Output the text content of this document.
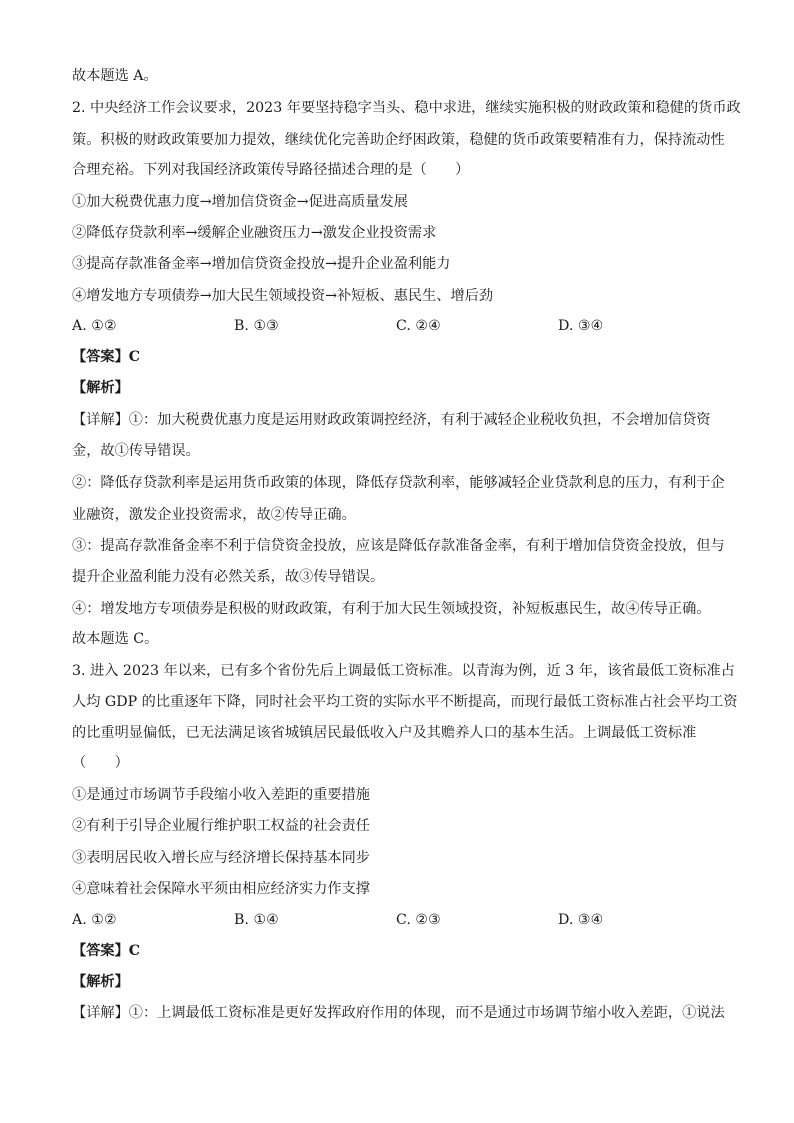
故本题选 A。
2. 中央经济工作会议要求，2023 年要坚持稳字当头、稳中求进，继续实施积极的财政政策和稳健的货币政
策。积极的财政政策要加力提效，继续优化完善助企纾困政策，稳健的货币政策要精准有力，保持流动性
合理充裕。下列对我国经济政策传导路径描述合理的是（　　）
①加大税费优惠力度→增加信贷资金→促进高质量发展
②降低存贷款利率→缓解企业融资压力→激发企业投资需求
③提高存款准备金率→增加信贷资金投放→提升企业盈利能力
④增发地方专项债券→加大民生领域投资→补短板、惠民生、增后劲
A. ①②	B. ①③	C. ②④	D. ③④
【答案】C
【解析】
【详解】①：加大税费优惠力度是运用财政政策调控经济，有利于减轻企业税收负担，不会增加信贷资
金，故①传导错误。
②：降低存贷款利率是运用货币政策的体现，降低存贷款利率，能够减轻企业贷款利息的压力，有利于企
业融资，激发企业投资需求，故②传导正确。
③：提高存款准备金率不利于信贷资金投放，应该是降低存款准备金率，有利于增加信贷资金投放，但与
提升企业盈利能力没有必然关系，故③传导错误。
④：增发地方专项债券是积极的财政政策，有利于加大民生领域投资，补短板惠民生，故④传导正确。
故本题选 C。
3. 进入 2023 年以来，已有多个省份先后上调最低工资标准。以青海为例，近 3 年，该省最低工资标准占
人均 GDP 的比重逐年下降，同时社会平均工资的实际水平不断提高，而现行最低工资标准占社会平均工资
的比重明显偏低，已无法满足该省城镇居民最低收入户及其赡养人口的基本生活。上调最低工资标准
（　　）
①是通过市场调节手段缩小收入差距的重要措施
②有利于引导企业履行维护职工权益的社会责任
③表明居民收入增长应与经济增长保持基本同步
④意味着社会保障水平须由相应经济实力作支撑
A. ①②	B. ①④	C. ②③	D. ③④
【答案】C
【解析】
【详解】①：上调最低工资标准是更好发挥政府作用的体现，而不是通过市场调节缩小收入差距，①说法
